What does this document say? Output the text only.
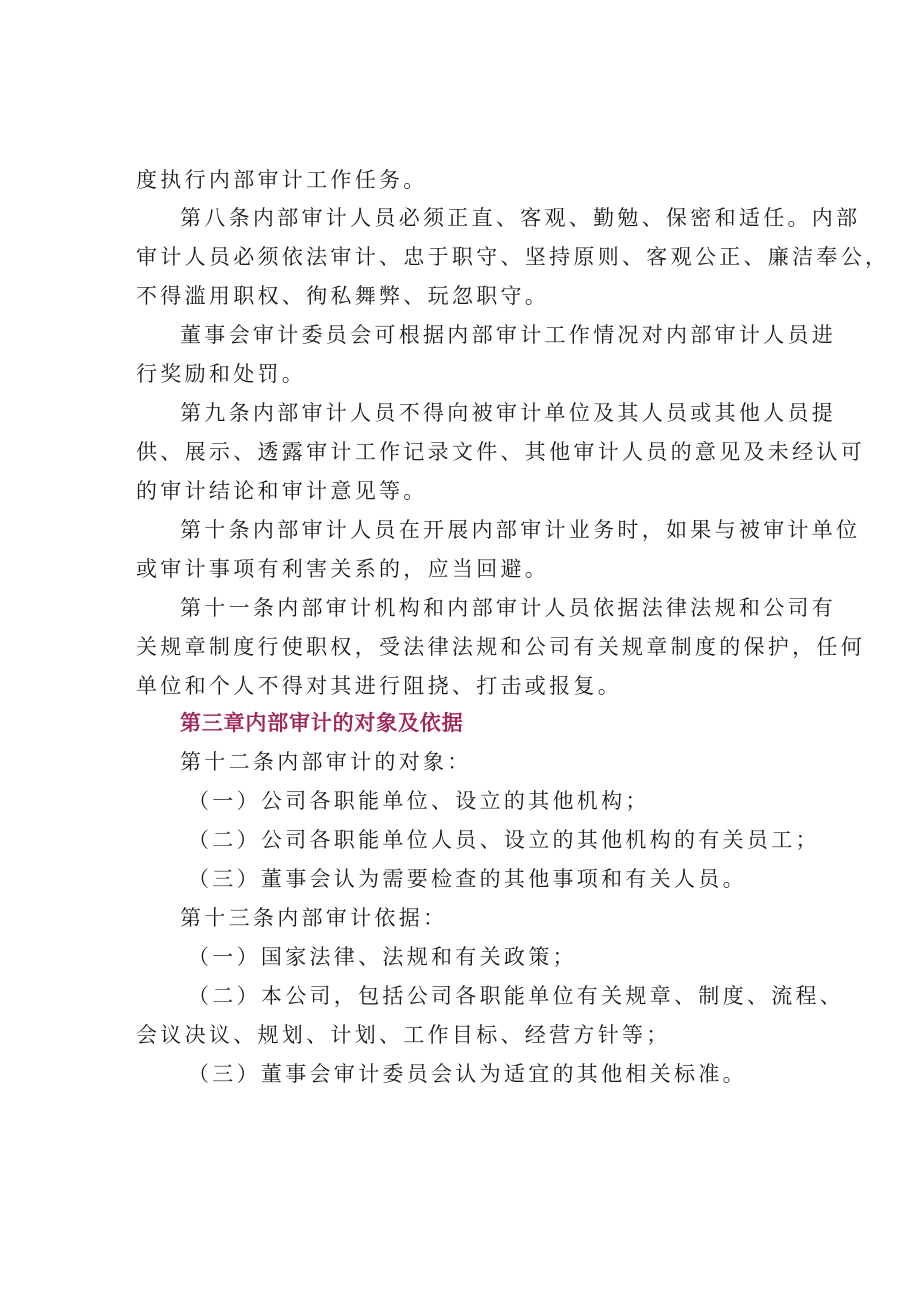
度执行内部审计工作任务。
第八条内部审计人员必须正直、客观、勤勉、保密和适任。内部
审计人员必须依法审计、忠于职守、坚持原则、客观公正、廉洁奉公，
不得滥用职权、徇私舞弊、玩忽职守。
董事会审计委员会可根据内部审计工作情况对内部审计人员进
行奖励和处罚。
第九条内部审计人员不得向被审计单位及其人员或其他人员提
供、展示、透露审计工作记录文件、其他审计人员的意见及未经认可
的审计结论和审计意见等。
第十条内部审计人员在开展内部审计业务时，如果与被审计单位
或审计事项有利害关系的，应当回避。
第十一条内部审计机构和内部审计人员依据法律法规和公司有
关规章制度行使职权，受法律法规和公司有关规章制度的保护，任何
单位和个人不得对其进行阻挠、打击或报复。
第三章内部审计的对象及依据
第十二条内部审计的对象：
（一）公司各职能单位、设立的其他机构；
（二）公司各职能单位人员、设立的其他机构的有关员工；
（三）董事会认为需要检查的其他事项和有关人员。
第十三条内部审计依据：
（一）国家法律、法规和有关政策；
（二）本公司，包括公司各职能单位有关规章、制度、流程、
会议决议、规划、计划、工作目标、经营方针等；
（三）董事会审计委员会认为适宜的其他相关标准。
